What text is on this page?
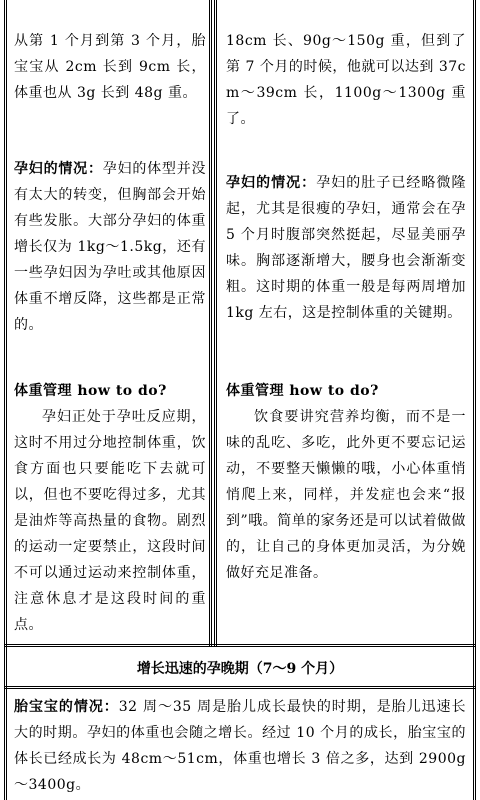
从第 1 个月到第 3 个月，胎宝宝从 2cm 长到 9cm 长，体重也从 3g 长到 48g 重。
孕妇的情况：孕妇的体型并没有太大的转变，但胸部会开始有些发胀。大部分孕妇的体重增长仅为 1kg～1.5kg，还有一些孕妇因为孕吐或其他原因体重不增反降，这些都是正常的。
体重管理 how to do?
孕妇正处于孕吐反应期，这时不用过分地控制体重，饮食方面也只要能吃下去就可以，但也不要吃得过多，尤其是油炸等高热量的食物。剧烈的运动一定要禁止，这段时间不可以通过运动来控制体重，注意休息才是这段时间的重点。
18cm 长、90g～150g 重，但到了第 7 个月的时候，他就可以达到 37cm～39cm 长，1100g～1300g 重了。
孕妇的情况：孕妇的肚子已经略微隆起，尤其是很瘦的孕妇，通常会在孕 5 个月时腹部突然挺起，尽显美丽孕味。胸部逐渐增大，腰身也会渐渐变粗。这时期的体重一般是每两周增加 1kg 左右，这是控制体重的关键期。
体重管理 how to do?
饮食要讲究营养均衡，而不是一味的乱吃、多吃，此外更不要忘记运动，不要整天懒懒的哦，小心体重悄悄爬上来，同样，并发症也会来“报到”哦。简单的家务还是可以试着做做的，让自己的身体更加灵活，为分娩做好充足准备。
增长迅速的孕晚期（7～9 个月）
胎宝宝的情况：32 周～35 周是胎儿成长最快的时期，是胎儿迅速长大的时期。孕妇的体重也会随之增长。经过 10 个月的成长，胎宝宝的体长已经成长为 48cm～51cm，体重也增长 3 倍之多，达到 2900g～3400g。
